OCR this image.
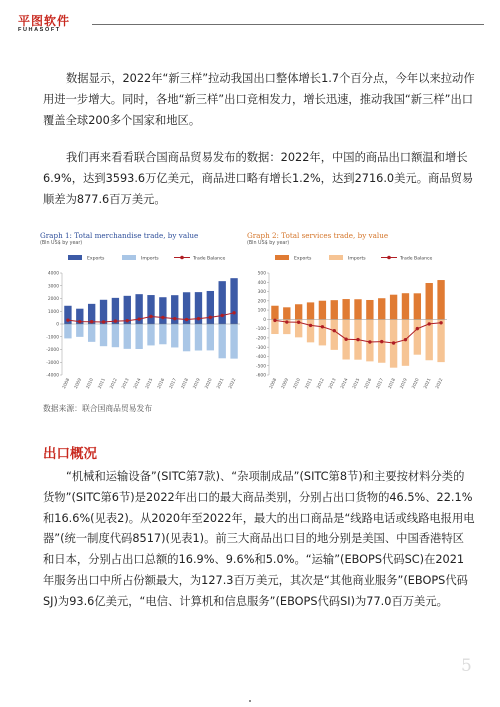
平图软件
FUHASOFT

数据显示，2022年“新三样”拉动我国出口整体增长1.7个百分点，今年以来拉动作用进一步增大。同时，各地“新三样”出口竞相发力，增长迅速，推动我国“新三样”出口覆盖全球200多个国家和地区。

我们再来看看联合国商品贸易发布的数据：2022年，中国的商品出口额温和增长6.9%，达到3593.6万亿美元，商品进口略有增长1.2%，达到2716.0美元。商品贸易顺差为877.6百万美元。

Graph 1: Total merchandise trade, by value
(Bln US$ by year)
Exports	Imports	Trade Balance
-4000
-3000
-2000
-1000
0
1000
2000
3000
4000
2008 2009 2010 2011 2012 2013 2014 2015 2016 2017 2018 2019 2020 2021 2022
Graph 2: Total services trade, by value
(Bln US$ by year)
Exports	Imports	Trade Balance
-600
-500
-400
-300
-200
-100
0
100
200
300
400
500
2008 2009 2010 2011 2012 2013 2014 2015 2016 2017 2018 2019 2020 2021 2022
数据来源：联合国商品贸易发布
出口概况

“机械和运输设备”(SITC第7款)、“杂项制成品”(SITC第8节)和主要按材料分类的货物”(SITC第6节)是2022年出口的最大商品类别，分别占出口货物的46.5%、22.1%和16.6%(见表2)。从2020年至2022年，最大的出口商品是“线路电话或线路电报用电器”(统一制度代码8517)(见表1)。前三大商品出口目的地分别是美国、中国香港特区和日本，分别占出口总额的16.9%、9.6%和5.0%。“运输”(EBOPS代码SC)在2021年服务出口中所占份额最大，为127.3百万美元，其次是“其他商业服务”(EBOPS代码SJ)为93.6亿美元，“电信、计算机和信息服务”(EBOPS代码SI)为77.0百万美元。

5
